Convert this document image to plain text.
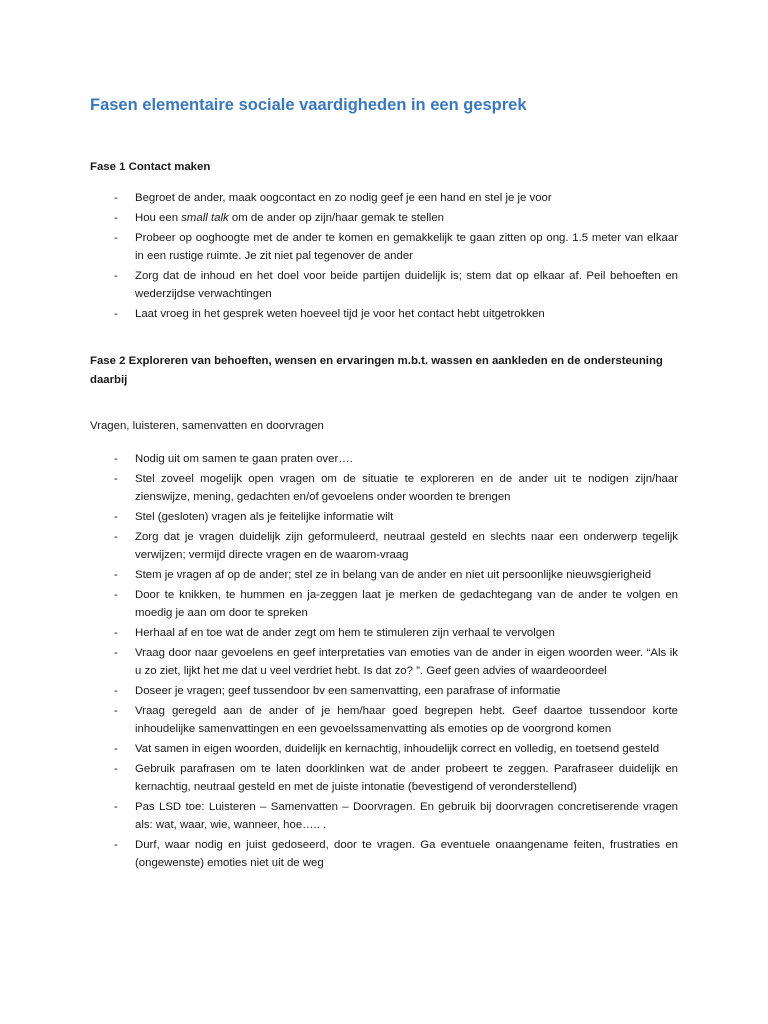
Fasen elementaire sociale vaardigheden in een gesprek
Fase 1 Contact maken
- Begroet de ander, maak oogcontact en zo nodig geef je een hand en stel je je voor
- Hou een small talk om de ander op zijn/haar gemak te stellen
- Probeer op ooghoogte met de ander te komen en gemakkelijk te gaan zitten op ong. 1.5 meter van elkaar in een rustige ruimte. Je zit niet pal tegenover de ander
- Zorg dat de inhoud en het doel voor beide partijen duidelijk is; stem dat op elkaar af. Peil behoeften en wederzijdse verwachtingen
- Laat vroeg in het gesprek weten hoeveel tijd je voor het contact hebt uitgetrokken
Fase 2 Exploreren van behoeften, wensen en ervaringen m.b.t. wassen en aankleden en de ondersteuning daarbij

Vragen, luisteren, samenvatten en doorvragen

- Nodig uit om samen te gaan praten over….
- Stel zoveel mogelijk open vragen om de situatie te exploreren en de ander uit te nodigen zijn/haar zienswijze, mening, gedachten en/of gevoelens onder woorden te brengen
- Stel (gesloten) vragen als je feitelijke informatie wilt
- Zorg dat je vragen duidelijk zijn geformuleerd, neutraal gesteld en slechts naar een onderwerp tegelijk verwijzen; vermijd directe vragen en de waarom-vraag
- Stem je vragen af op de ander; stel ze in belang van de ander en niet uit persoonlijke nieuwsgierigheid
- Door te knikken, te hummen en ja-zeggen laat je merken de gedachtegang van de ander te volgen en moedig je aan om door te spreken
- Herhaal af en toe wat de ander zegt om hem te stimuleren zijn verhaal te vervolgen
- Vraag door naar gevoelens en geef interpretaties van emoties van de ander in eigen woorden weer. “Als ik u zo ziet, lijkt het me dat u veel verdriet hebt. Is dat zo? ”. Geef geen advies of waardeoordeel
- Doseer je vragen; geef tussendoor bv een samenvatting, een parafrase of informatie
- Vraag geregeld aan de ander of je hem/haar goed begrepen hebt. Geef daartoe tussendoor korte inhoudelijke samenvattingen en een gevoelssamenvatting als emoties op de voorgrond komen
- Vat samen in eigen woorden, duidelijk en kernachtig, inhoudelijk correct en volledig, en toetsend gesteld
- Gebruik parafrasen om te laten doorklinken wat de ander probeert te zeggen. Parafraseer duidelijk en kernachtig, neutraal gesteld en met de juiste intonatie (bevestigend of veronderstellend)
- Pas LSD toe: Luisteren – Samenvatten – Doorvragen. En gebruik bij doorvragen concretiserende vragen als: wat, waar, wie, wanneer, hoe….. .
- Durf, waar nodig en juist gedoseerd, door te vragen. Ga eventuele onaangename feiten, frustraties en (ongewenste) emoties niet uit de weg
